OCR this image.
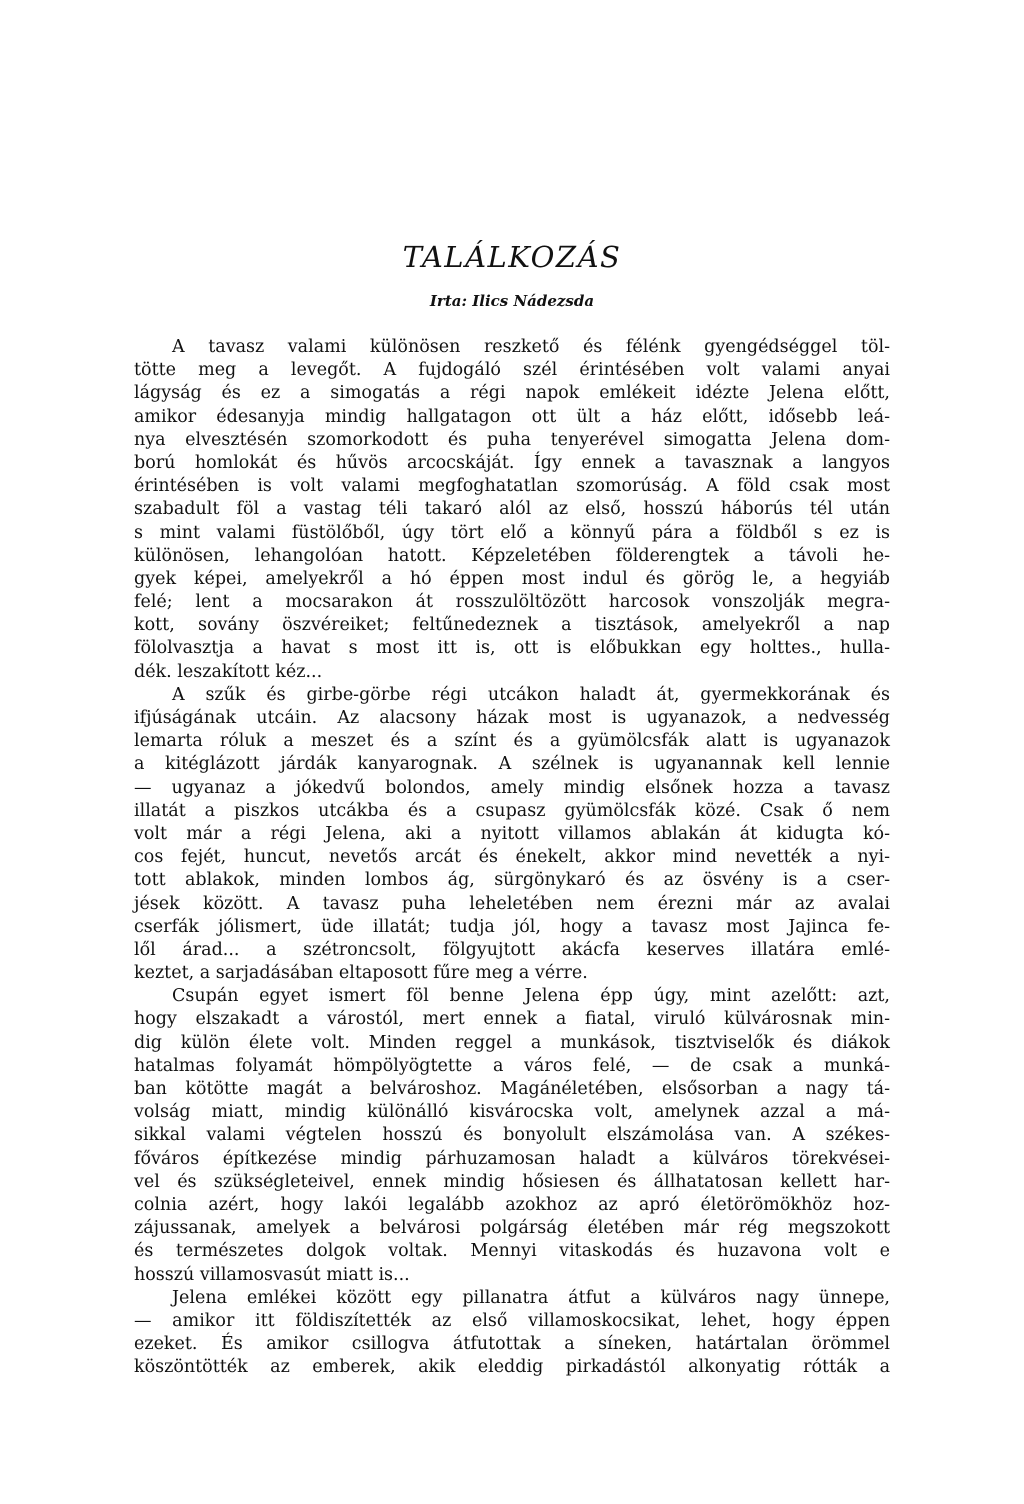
TALÁLKOZÁS
Irta: Ilics Nádezsda
A tavasz valami különösen reszkető és félénk gyengédséggel töl-
tötte meg a levegőt. A fujdogáló szél érintésében volt valami anyai
lágyság és ez a simogatás a régi napok emlékeit idézte Jelena előtt,
amikor édesanyja mindig hallgatagon ott ült a ház előtt, idősebb leá-
nya elvesztésén szomorkodott és puha tenyerével simogatta Jelena dom-
ború homlokát és hűvös arcocskáját. Így ennek a tavasznak a langyos
érintésében is volt valami megfoghatatlan szomorúság. A föld csak most
szabadult föl a vastag téli takaró alól az első, hosszú háborús tél után
s mint valami füstölőből, úgy tört elő a könnyű pára a földből s ez is
különösen, lehangolóan hatott. Képzeletében földerengtek a távoli he-
gyek képei, amelyekről a hó éppen most indul és görög le, a hegyiáb
felé; lent a mocsarakon át rosszulöltözött harcosok vonszolják megra-
kott, sovány öszvéreiket; feltűnedeznek a tisztások, amelyekről a nap
fölolvasztja a havat s most itt is, ott is előbukkan egy holttes., hulla-
dék. leszakított kéz...
A szűk és girbe-görbe régi utcákon haladt át, gyermekkorának és
ifjúságának utcáin. Az alacsony házak most is ugyanazok, a nedvesség
lemarta róluk a meszet és a színt és a gyümölcsfák alatt is ugyanazok
a kitéglázott járdák kanyarognak. A szélnek is ugyanannak kell lennie
— ugyanaz a jókedvű bolondos, amely mindig elsőnek hozza a tavasz
illatát a piszkos utcákba és a csupasz gyümölcsfák közé. Csak ő nem
volt már a régi Jelena, aki a nyitott villamos ablakán át kidugta kó-
cos fejét, huncut, nevetős arcát és énekelt, akkor mind nevették a nyi-
tott ablakok, minden lombos ág, sürgönykaró és az ösvény is a cser-
jések között. A tavasz puha leheletében nem érezni már az avalai
cserfák jólismert, üde illatát; tudja jól, hogy a tavasz most Jajinca fe-
lől árad... a szétroncsolt, fölgyujtott akácfa keserves illatára emlé-
keztet, a sarjadásában eltaposott fűre meg a vérre.
Csupán egyet ismert föl benne Jelena épp úgy, mint azelőtt: azt,
hogy elszakadt a várostól, mert ennek a fiatal, viruló külvárosnak min-
dig külön élete volt. Minden reggel a munkások, tisztviselők és diákok
hatalmas folyamát hömpölyögtette a város felé, — de csak a munká-
ban kötötte magát a belvároshoz. Magánéletében, elsősorban a nagy tá-
volság miatt, mindig különálló kisvárocska volt, amelynek azzal a má-
sikkal valami végtelen hosszú és bonyolult elszámolása van. A székes-
főváros építkezése mindig párhuzamosan haladt a külváros törekvései-
vel és szükségleteivel, ennek mindig hősiesen és állhatatosan kellett har-
colnia azért, hogy lakói legalább azokhoz az apró életörömökhöz hoz-
zájussanak, amelyek a belvárosi polgárság életében már rég megszokott
és természetes dolgok voltak. Mennyi vitaskodás és huzavona volt e
hosszú villamosvasút miatt is...
Jelena emlékei között egy pillanatra átfut a külváros nagy ünnepe,
— amikor itt földiszítették az első villamoskocsikat, lehet, hogy éppen
ezeket. És amikor csillogva átfutottak a síneken, határtalan örömmel
köszöntötték az emberek, akik eleddig pirkadástól alkonyatig rótták a
